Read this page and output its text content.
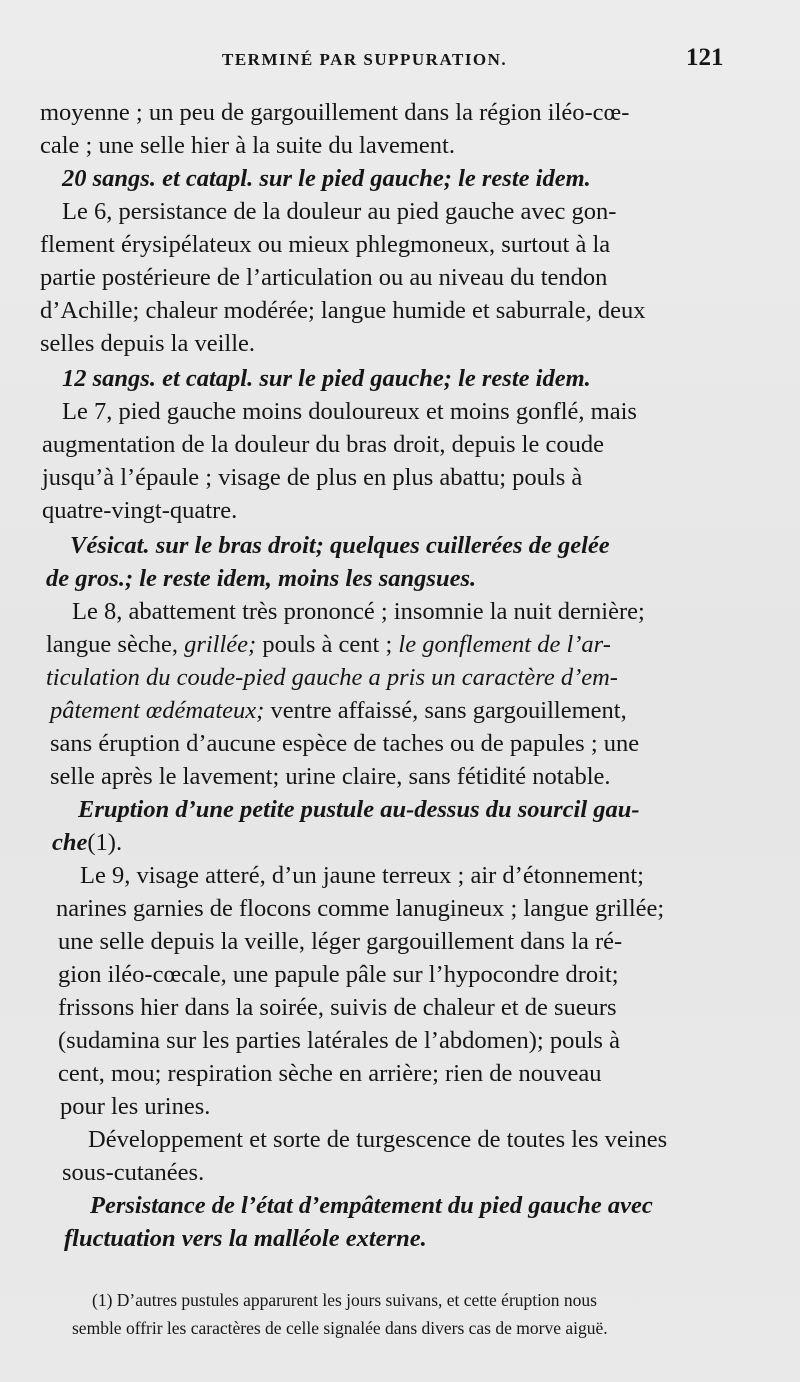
TERMINÉ PAR SUPPURATION.	121
moyenne ; un peu de gargouillement dans la région iléo-cœ-
cale ; une selle hier à la suite du lavement.
20 sangs. et catapl. sur le pied gauche; le reste idem.
Le 6, persistance de la douleur au pied gauche avec gon-
flement érysipélateux ou mieux phlegmoneux, surtout à la
partie postérieure de l’articulation ou au niveau du tendon
d’Achille; chaleur modérée; langue humide et saburrale, deux
selles depuis la veille.
12 sangs. et catapl. sur le pied gauche; le reste idem.
Le 7, pied gauche moins douloureux et moins gonflé, mais
augmentation de la douleur du bras droit, depuis le coude
jusqu’à l’épaule ; visage de plus en plus abattu; pouls à
quatre-vingt-quatre.
Vésicat. sur le bras droit; quelques cuillerées de gelée
de gros.; le reste idem, moins les sangsues.
Le 8, abattement très prononcé ; insomnie la nuit dernière;
langue sèche, grillée; pouls à cent ; le gonflement de l’ar-
ticulation du coude-pied gauche a pris un caractère d’em-
pâtement œdémateux; ventre affaissé, sans gargouillement,
sans éruption d’aucune espèce de taches ou de papules ; une
selle après le lavement; urine claire, sans fétidité notable.
Eruption d’une petite pustule au-dessus du sourcil gau-
che(1).
Le 9, visage atteré, d’un jaune terreux ; air d’étonnement;
narines garnies de flocons comme lanugineux ; langue grillée;
une selle depuis la veille, léger gargouillement dans la ré-
gion iléo-cœcale, une papule pâle sur l’hypocondre droit;
frissons hier dans la soirée, suivis de chaleur et de sueurs
(sudamina sur les parties latérales de l’abdomen); pouls à
cent, mou; respiration sèche en arrière; rien de nouveau
pour les urines.
Développement et sorte de turgescence de toutes les veines
sous-cutanées.
Persistance de l’état d’empâtement du pied gauche avec
fluctuation vers la malléole externe.
(1) D’autres pustules apparurent les jours suivans, et cette éruption nous
semble offrir les caractères de celle signalée dans divers cas de morve aiguë.
